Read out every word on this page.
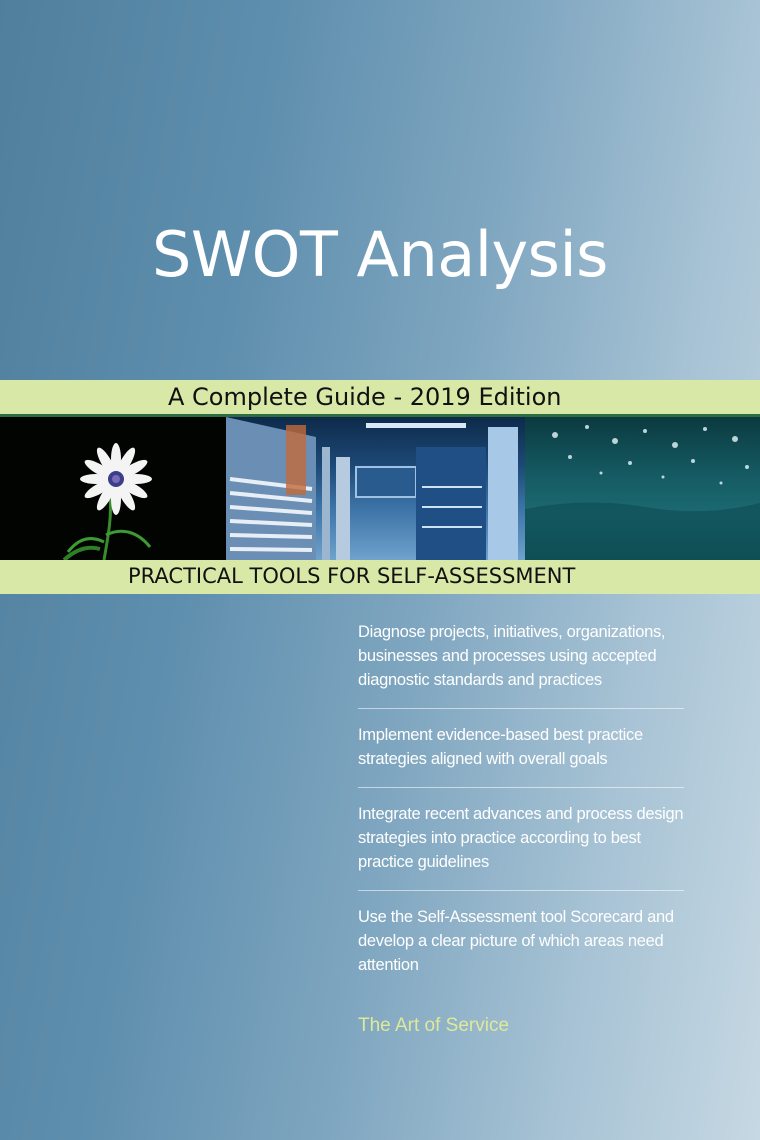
SWOT Analysis
A Complete Guide - 2019 Edition
PRACTICAL TOOLS FOR SELF-ASSESSMENT
Diagnose projects, initiatives, organizations, businesses and processes using accepted diagnostic standards and practices
Implement evidence-based best practice strategies aligned with overall goals
Integrate recent advances and process design strategies into practice according to best practice guidelines
Use the Self-Assessment tool Scorecard and develop a clear picture of which areas need attention
The Art of Service
